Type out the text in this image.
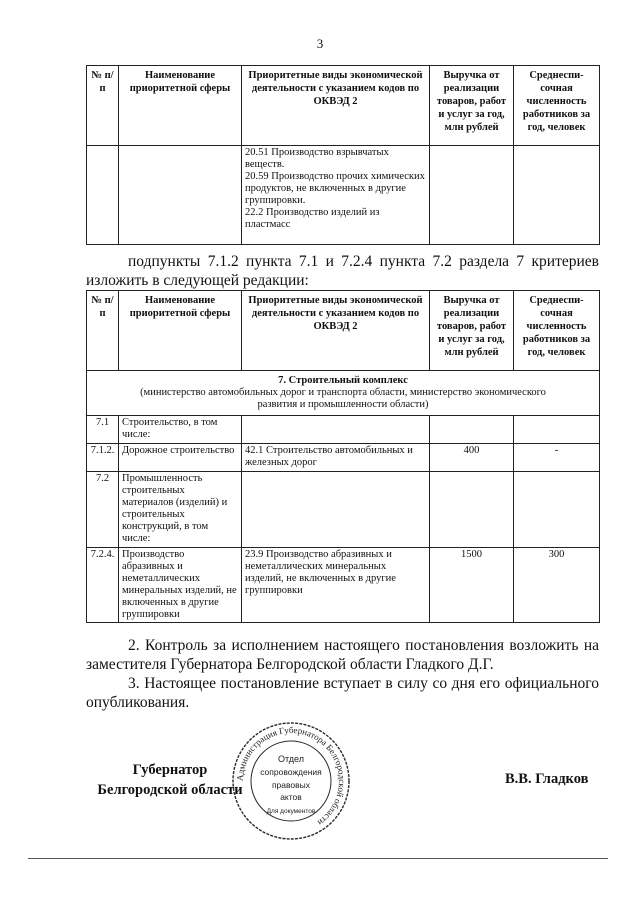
3
№ п/п	Наименование приоритетной сферы	Приоритетные виды экономической деятельности с указанием кодов по ОКВЭД 2	Выручка от реализации товаров, работ и услуг за год, млн рублей	Среднеспи-сочная численность работников за год, человек
		20.51 Производство взрывчатых веществ.
20.59 Производство прочих химических продуктов, не включенных в другие группировки.
22.2 Производство изделий из пластмасс		
подпункты 7.1.2 пункта 7.1 и 7.2.4 пункта 7.2 раздела 7 критериев изложить в следующей редакции:
№ п/п	Наименование приоритетной сферы	Приоритетные виды экономической деятельности с указанием кодов по ОКВЭД 2	Выручка от реализации товаров, работ и услуг за год, млн рублей	Среднеспи-сочная численность работников за год, человек

7. Строительный комплекс
(министерство автомобильных дорог и транспорта области, министерство экономического развития и промышленности области)				

7.1	Строительство, в том числе:			
7.1.2.	Дорожное строительство	42.1 Строительство автомобильных и железных дорог	400	-
7.2	Промышленность строительных материалов (изделий) и строительных конструкций, в том числе:			
7.2.4.	Производство абразивных и неметаллических минеральных изделий, не включенных в другие группировки	23.9 Производство абразивных и неметаллических минеральных изделий, не включенных в другие группировки	1500	300
2. Контроль за исполнением настоящего постановления возложить на заместителя Губернатора Белгородской области Гладкого Д.Г.
3. Настоящее постановление вступает в силу со дня его официального опубликования.
Губернатор
Белгородской области
Администрация Губернатора Белгородской области
Отдел
сопровождения
правовых
актов
Для документов
В.В. Гладков
